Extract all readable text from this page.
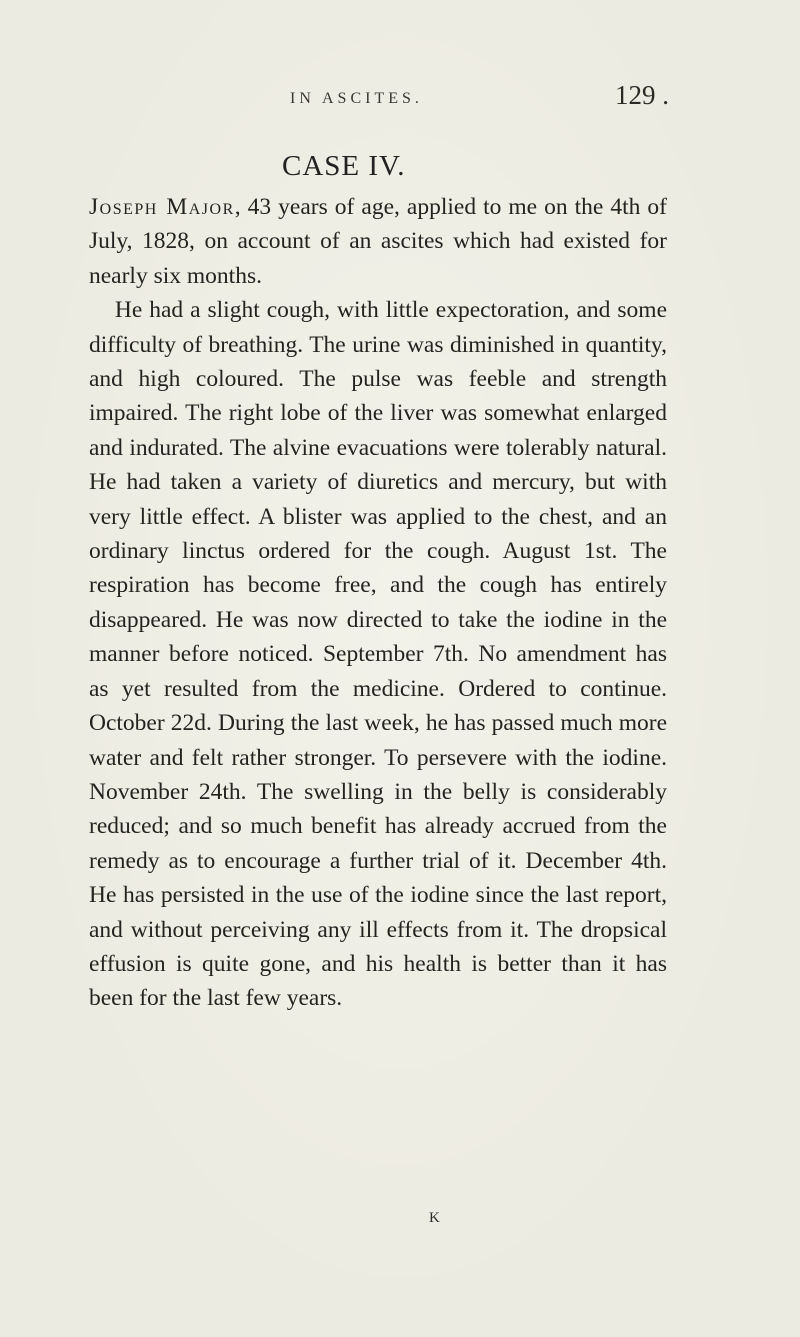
IN ASCITES.	129 .
CASE IV.

Joseph Major, 43 years of age, applied to me on the 4th of July, 1828, on account of an ascites which had existed for nearly six months.

He had a slight cough, with little expectoration, and some difficulty of breathing. The urine was diminished in quantity, and high coloured. The pulse was feeble and strength impaired. The right lobe of the liver was somewhat enlarged and indurated. The alvine evacuations were tolerably natural. He had taken a variety of diuretics and mercury, but with very little effect. A blister was applied to the chest, and an ordinary linctus ordered for the cough. August 1st. The respiration has become free, and the cough has entirely disappeared. He was now directed to take the iodine in the manner before noticed. September 7th. No amendment has as yet resulted from the medicine. Ordered to continue. October 22d. During the last week, he has passed much more water and felt rather stronger. To persevere with the iodine. November 24th. The swelling in the belly is considerably reduced; and so much benefit has already accrued from the remedy as to encourage a further trial of it. December 4th. He has persisted in the use of the iodine since the last report, and without perceiving any ill effects from it. The dropsical effusion is quite gone, and his health is better than it has been for the last few years.

K
